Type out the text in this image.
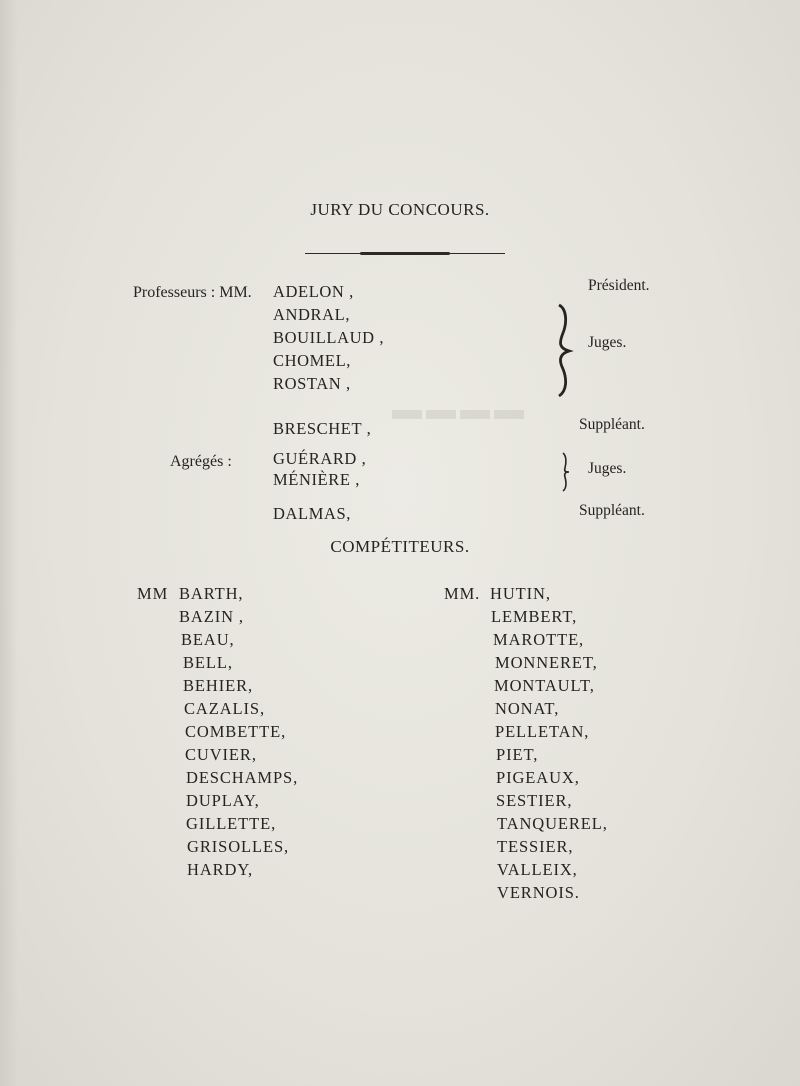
▬▬▬▬
JURY DU CONCOURS.
Professeurs : MM. ADELON ,
ANDRAL,
BOUILLAUD ,
CHOMEL,
ROSTAN ,
Président.
Juges.
BRESCHET ,	Suppléant.
Agrégés : GUÉRARD ,
MÉNIÈRE ,
Juges.
DALMAS,	Suppléant.
COMPÉTITEURS.
MM BARTH,
BAZIN ,
BEAU,
BELL,
BEHIER,
CAZALIS,
COMBETTE,
CUVIER,
DESCHAMPS,
DUPLAY,
GILLETTE,
GRISOLLES,
HARDY,
MM. HUTIN,
LEMBERT,
MAROTTE,
MONNERET,
MONTAULT,
NONAT,
PELLETAN,
PIET,
PIGEAUX,
SESTIER,
TANQUEREL,
TESSIER,
VALLEIX,
VERNOIS.
